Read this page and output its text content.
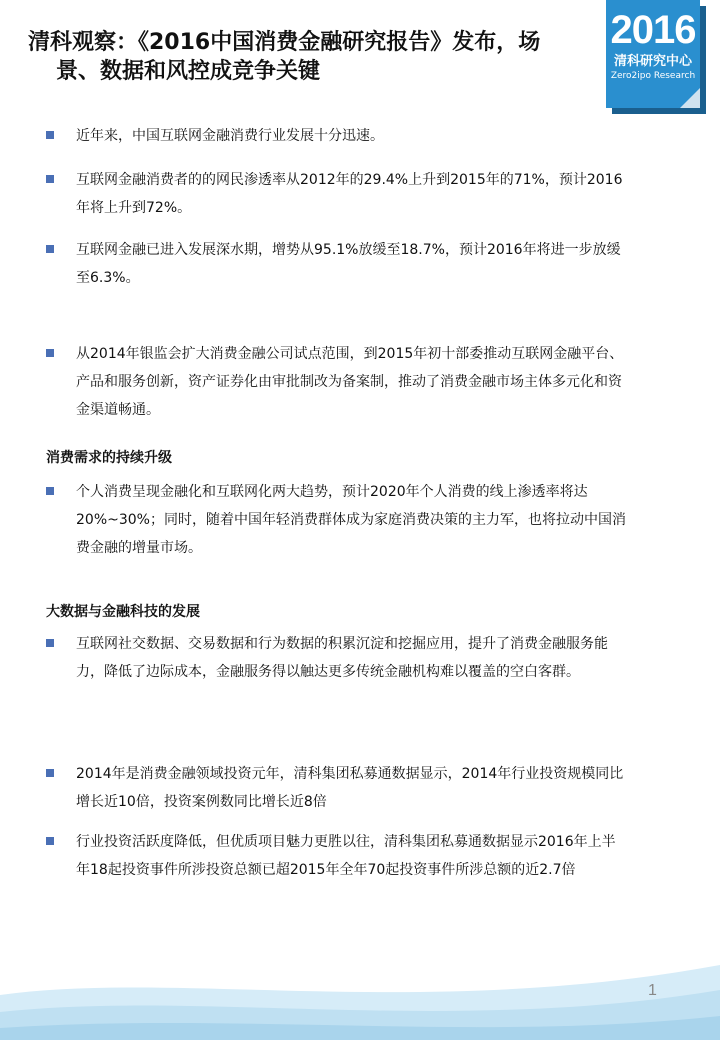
清科观察：《2016中国消费金融研究报告》发布，场
景、数据和风控成竞争关键
2016
清科研究中心
Zero2ipo Research
近年来，中国互联网金融消费行业发展十分迅速。
互联网金融消费者的的网民渗透率从2012年的29.4%上升到2015年的71%，预计2016年将上升到72%。
互联网金融已进入发展深水期，增势从95.1%放缓至18.7%，预计2016年将进一步放缓至6.3%。
从2014年银监会扩大消费金融公司试点范围，到2015年初十部委推动互联网金融平台、产品和服务创新，资产证券化由审批制改为备案制，推动了消费金融市场主体多元化和资金渠道畅通。
消费需求的持续升级
个人消费呈现金融化和互联网化两大趋势，预计2020年个人消费的线上渗透率将达20%~30%；同时，随着中国年轻消费群体成为家庭消费决策的主力军，也将拉动中国消费金融的增量市场。
大数据与金融科技的发展
互联网社交数据、交易数据和行为数据的积累沉淀和挖掘应用，提升了消费金融服务能力，降低了边际成本，金融服务得以触达更多传统金融机构难以覆盖的空白客群。
2014年是消费金融领域投资元年，清科集团私募通数据显示，2014年行业投资规模同比增长近10倍，投资案例数同比增长近8倍
行业投资活跃度降低，但优质项目魅力更胜以往，清科集团私募通数据显示2016年上半年18起投资事件所涉投资总额已超2015年全年70起投资事件所涉总额的近2.7倍
1
